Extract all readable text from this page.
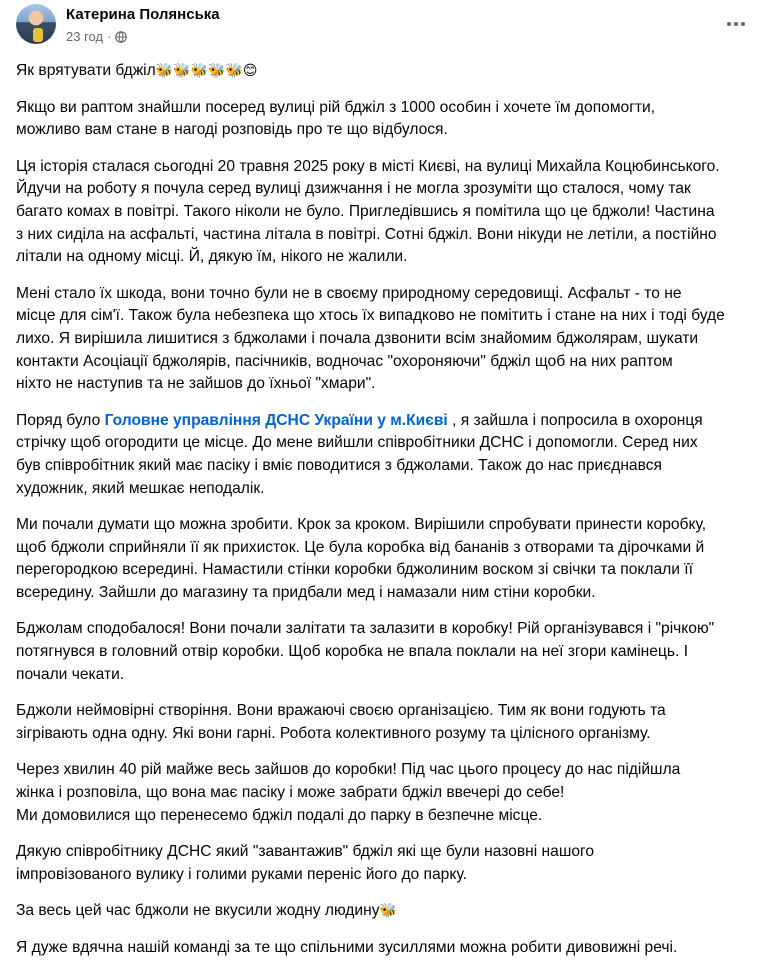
Катерина Полянська
23 год ·

Як врятувати бджіл🐝🐝🐝🐝🐝😊

Якщо ви раптом знайшли посеред вулиці рій бджіл з 1000 особин і хочете їм допомогти,
можливо вам стане в нагоді розповідь про те що відбулося.

Ця історія сталася сьогодні 20 травня 2025 року в місті Києві, на вулиці Михайла Коцюбинського.
Йдучи на роботу я почула серед вулиці дзижчання і не могла зрозуміти що сталося, чому так
багато комах в повітрі. Такого ніколи не було. Пригледівшись я помітила що це бджоли! Частина
з них сиділа на асфальті, частина літала в повітрі. Сотні бджіл. Вони нікуди не летіли, а постійно
літали на одному місці. Й, дякую їм, нікого не жалили.

Мені стало їх шкода, вони точно були не в своєму природному середовищі. Асфальт - то не
місце для сім'ї. Також була небезпека що хтось їх випадково не помітить і стане на них і тоді буде
лихо. Я вирішила лишитися з бджолами і почала дзвонити всім знайомим бджолярам, шукати
контакти Асоціації бджолярів, пасічників, водночас "охороняючи" бджіл щоб на них раптом
ніхто не наступив та не зайшов до їхньої "хмари".

Поряд було Головне управління ДСНС України у м.Києві , я зайшла і попросила в охоронця
стрічку щоб огородити це місце. До мене вийшли співробітники ДСНС і допомогли. Серед них
був співробітник який має пасіку і вміє поводитися з бджолами. Також до нас приєднався
художник, який мешкає неподалік.

Ми почали думати що можна зробити. Крок за кроком. Вирішили спробувати принести коробку,
щоб бджоли сприйняли її як прихисток. Це була коробка від бананів з отворами та дірочками й
перегородкою всередині. Намастили стінки коробки бджолиним воском зі свічки та поклали її
всередину. Зайшли до магазину та придбали мед і намазали ним стіни коробки.

Бджолам сподобалося! Вони почали залітати та залазити в коробку! Рій організувався і "річкою"
потягнувся в головний отвір коробки. Щоб коробка не впала поклали на неї згори камінець. І
почали чекати.

Бджоли неймовірні створіння. Вони вражаючі своєю організацією. Тим як вони годують та
зігрівають одна одну. Які вони гарні. Робота колективного розуму та цілісного організму.

Через хвилин 40 рій майже весь зайшов до коробки! Під час цього процесу до нас підійшла
жінка і розповіла, що вона має пасіку і може забрати бджіл ввечері до себе!
Ми домовилися що перенесемо бджіл подалі до парку в безпечне місце.

Дякую співробітнику ДСНС який "завантажив" бджіл які ще були назовні нашого
імпровізованого вулику і голими руками переніс його до парку.

За весь цей час бджоли не вкусили жодну людину🐝

Я дуже вдячна нашій команді за те що спільними зусиллями можна робити дивовижні речі.
